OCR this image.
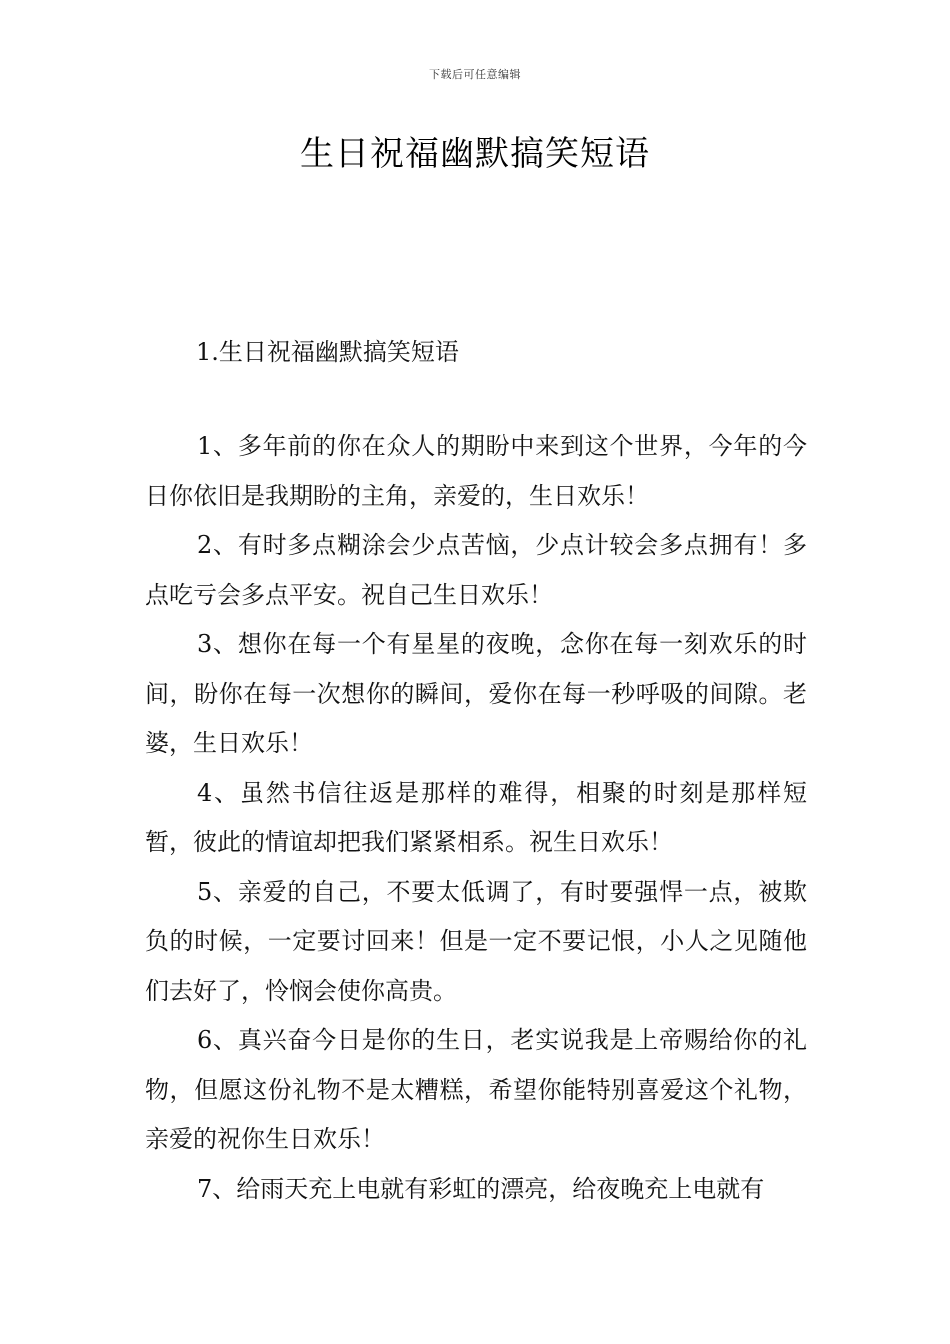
下载后可任意编辑
生日祝福幽默搞笑短语
1.生日祝福幽默搞笑短语
1、多年前的你在众人的期盼中来到这个世界，今年的今日你依旧是我期盼的主角，亲爱的，生日欢乐！
2、有时多点糊涂会少点苦恼，少点计较会多点拥有！多点吃亏会多点平安。祝自己生日欢乐！
3、想你在每一个有星星的夜晚，念你在每一刻欢乐的时间，盼你在每一次想你的瞬间，爱你在每一秒呼吸的间隙。老婆，生日欢乐！
4、虽然书信往返是那样的难得，相聚的时刻是那样短暂，彼此的情谊却把我们紧紧相系。祝生日欢乐！
5、亲爱的自己，不要太低调了，有时要强悍一点，被欺负的时候，一定要讨回来！但是一定不要记恨，小人之见随他们去好了，怜悯会使你高贵。
6、真兴奋今日是你的生日，老实说我是上帝赐给你的礼物，但愿这份礼物不是太糟糕，希望你能特别喜爱这个礼物，亲爱的祝你生日欢乐！
7、给雨天充上电就有彩虹的漂亮，给夜晚充上电就有
